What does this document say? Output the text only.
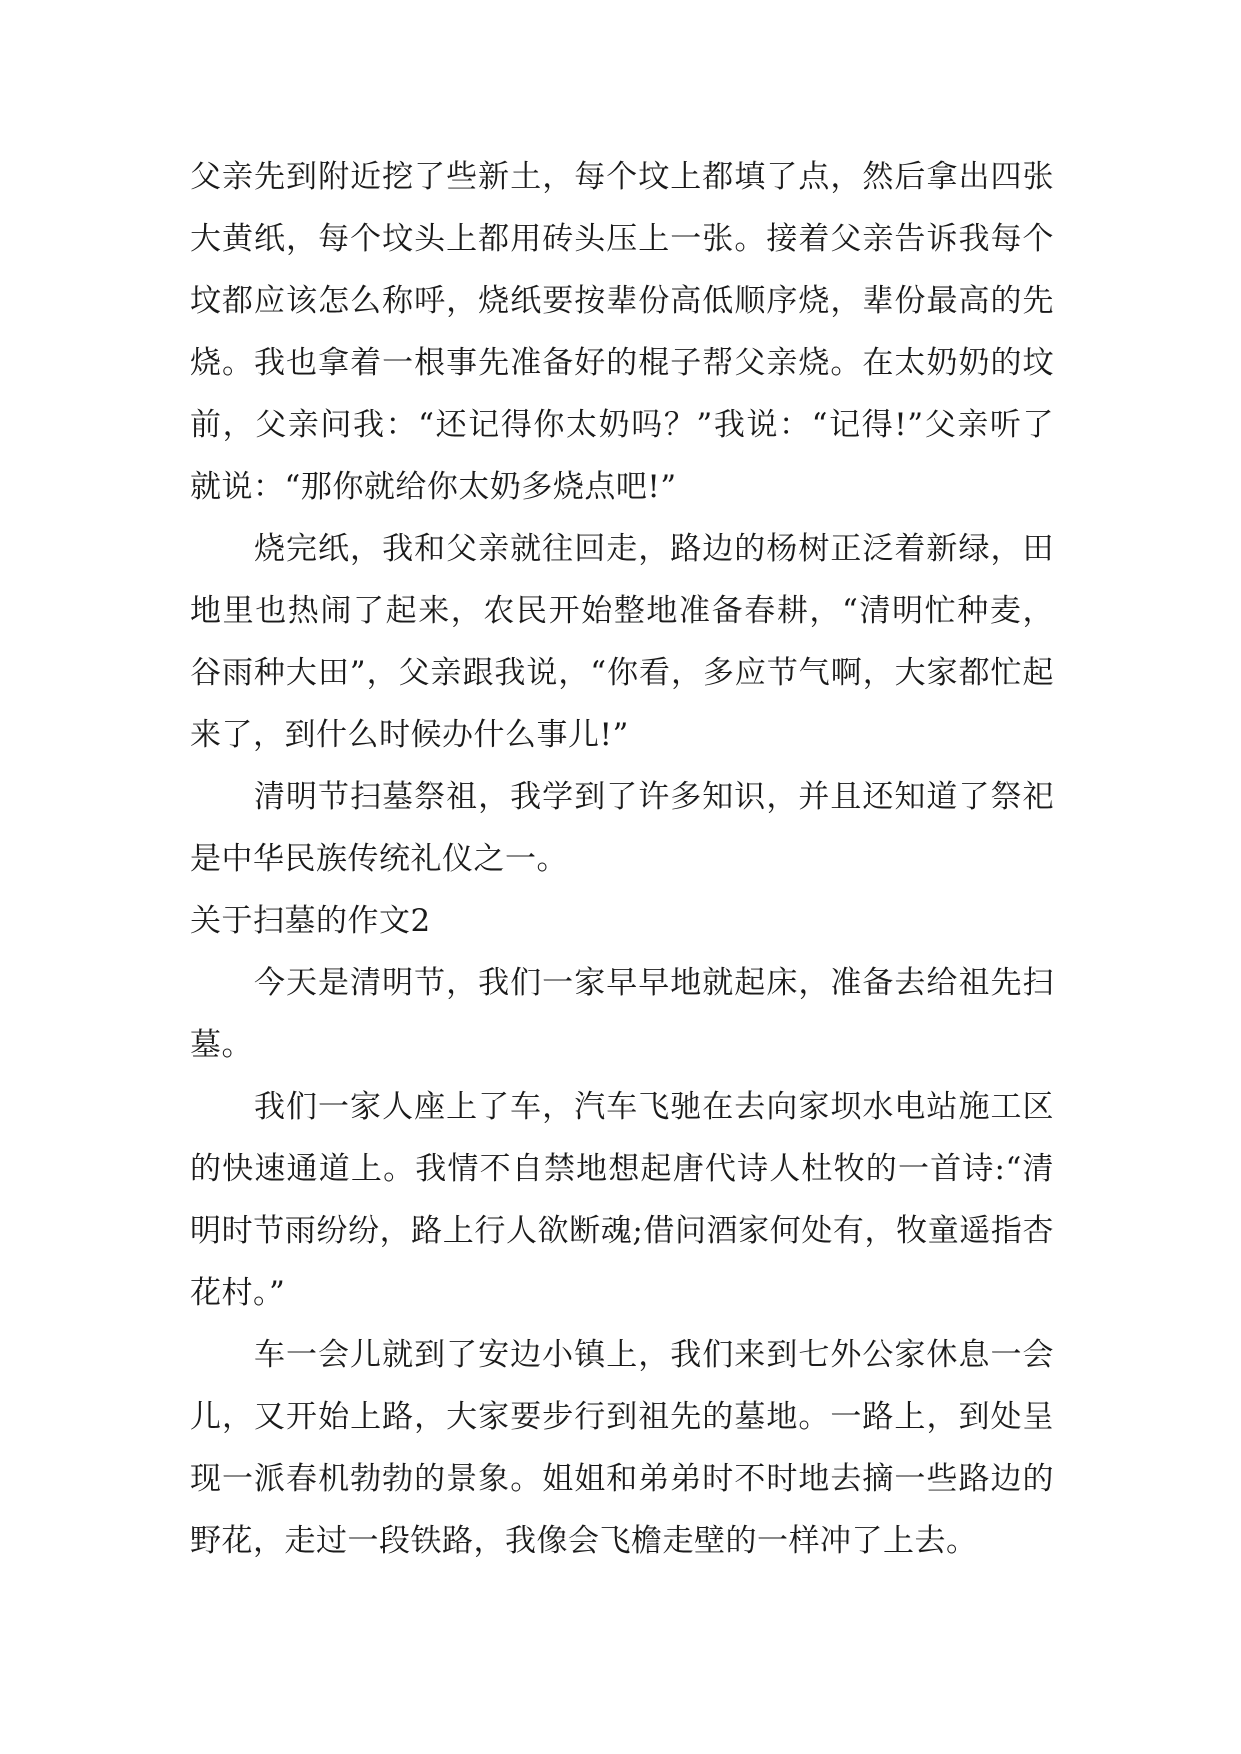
父亲先到附近挖了些新土，每个坟上都填了点，然后拿出四张大黄纸，每个坟头上都用砖头压上一张。接着父亲告诉我每个坟都应该怎么称呼，烧纸要按辈份高低顺序烧，辈份最高的先烧。我也拿着一根事先准备好的棍子帮父亲烧。在太奶奶的坟前，父亲问我：“还记得你太奶吗？”我说：“记得!”父亲听了就说：“那你就给你太奶多烧点吧!”

烧完纸，我和父亲就往回走，路边的杨树正泛着新绿，田地里也热闹了起来，农民开始整地准备春耕，“清明忙种麦，谷雨种大田”，父亲跟我说，“你看，多应节气啊，大家都忙起来了，到什么时候办什么事儿!”

清明节扫墓祭祖，我学到了许多知识，并且还知道了祭祀是中华民族传统礼仪之一。

关于扫墓的作文2

今天是清明节，我们一家早早地就起床，准备去给祖先扫墓。

我们一家人座上了车，汽车飞驰在去向家坝水电站施工区的快速通道上。我情不自禁地想起唐代诗人杜牧的一首诗:“清明时节雨纷纷，路上行人欲断魂;借问酒家何处有，牧童遥指杏花村。”

车一会儿就到了安边小镇上，我们来到七外公家休息一会儿，又开始上路，大家要步行到祖先的墓地。一路上，到处呈现一派春机勃勃的景象。姐姐和弟弟时不时地去摘一些路边的野花，走过一段铁路，我像会飞檐走壁的一样冲了上去。
